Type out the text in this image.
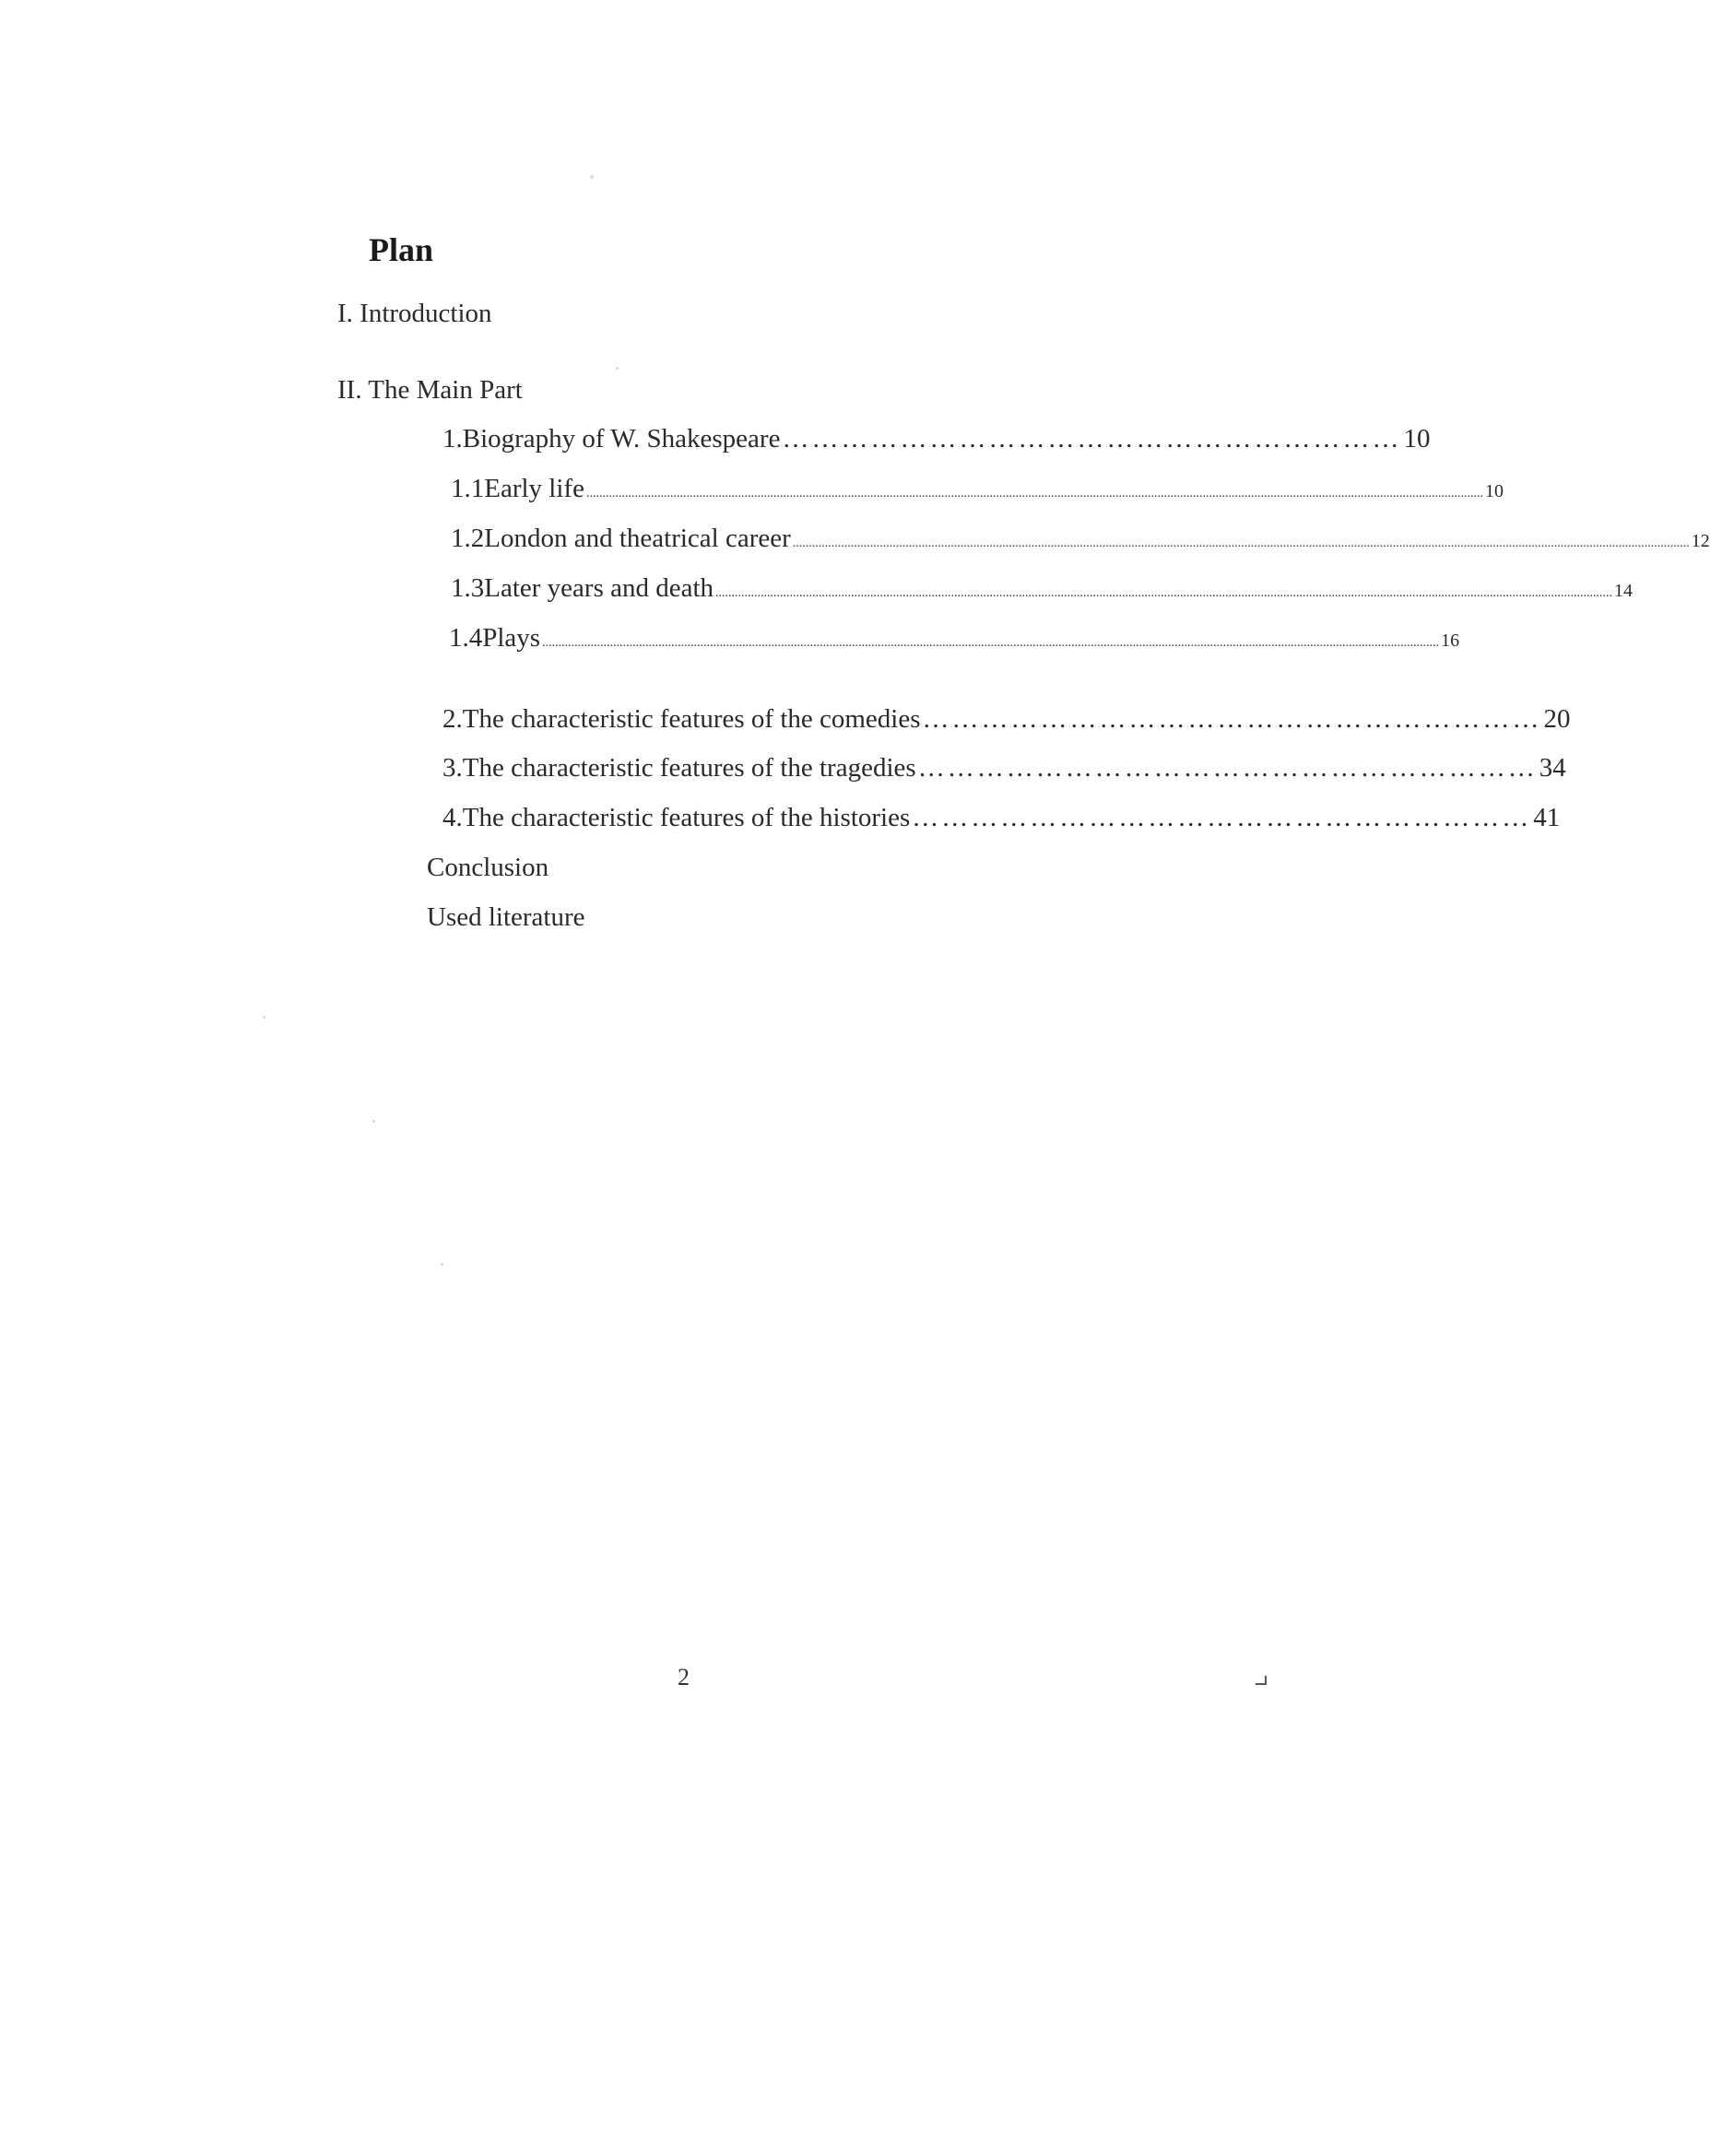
Plan
I. Introduction
II. The Main Part
1. Biography of W. Shakespeare ……………………………………………………… 10
1.1 Early life ...................................................................................................................................................................................................................................................................................... 10
1.2 London and theatrical career ...................................................................................................................................................................................................................................................................................... 12
1.3 Later years and death ...................................................................................................................................................................................................................................................................................... 14
1.4 Plays ...................................................................................................................................................................................................................................................................................... 16
2. The characteristic features of the comedies ……………………………………………………… 20
3. The characteristic features of the tragedies ……………………………………………………… 34
4. The characteristic features of the histories ……………………………………………………… 41
Conclusion
Used literature
2
